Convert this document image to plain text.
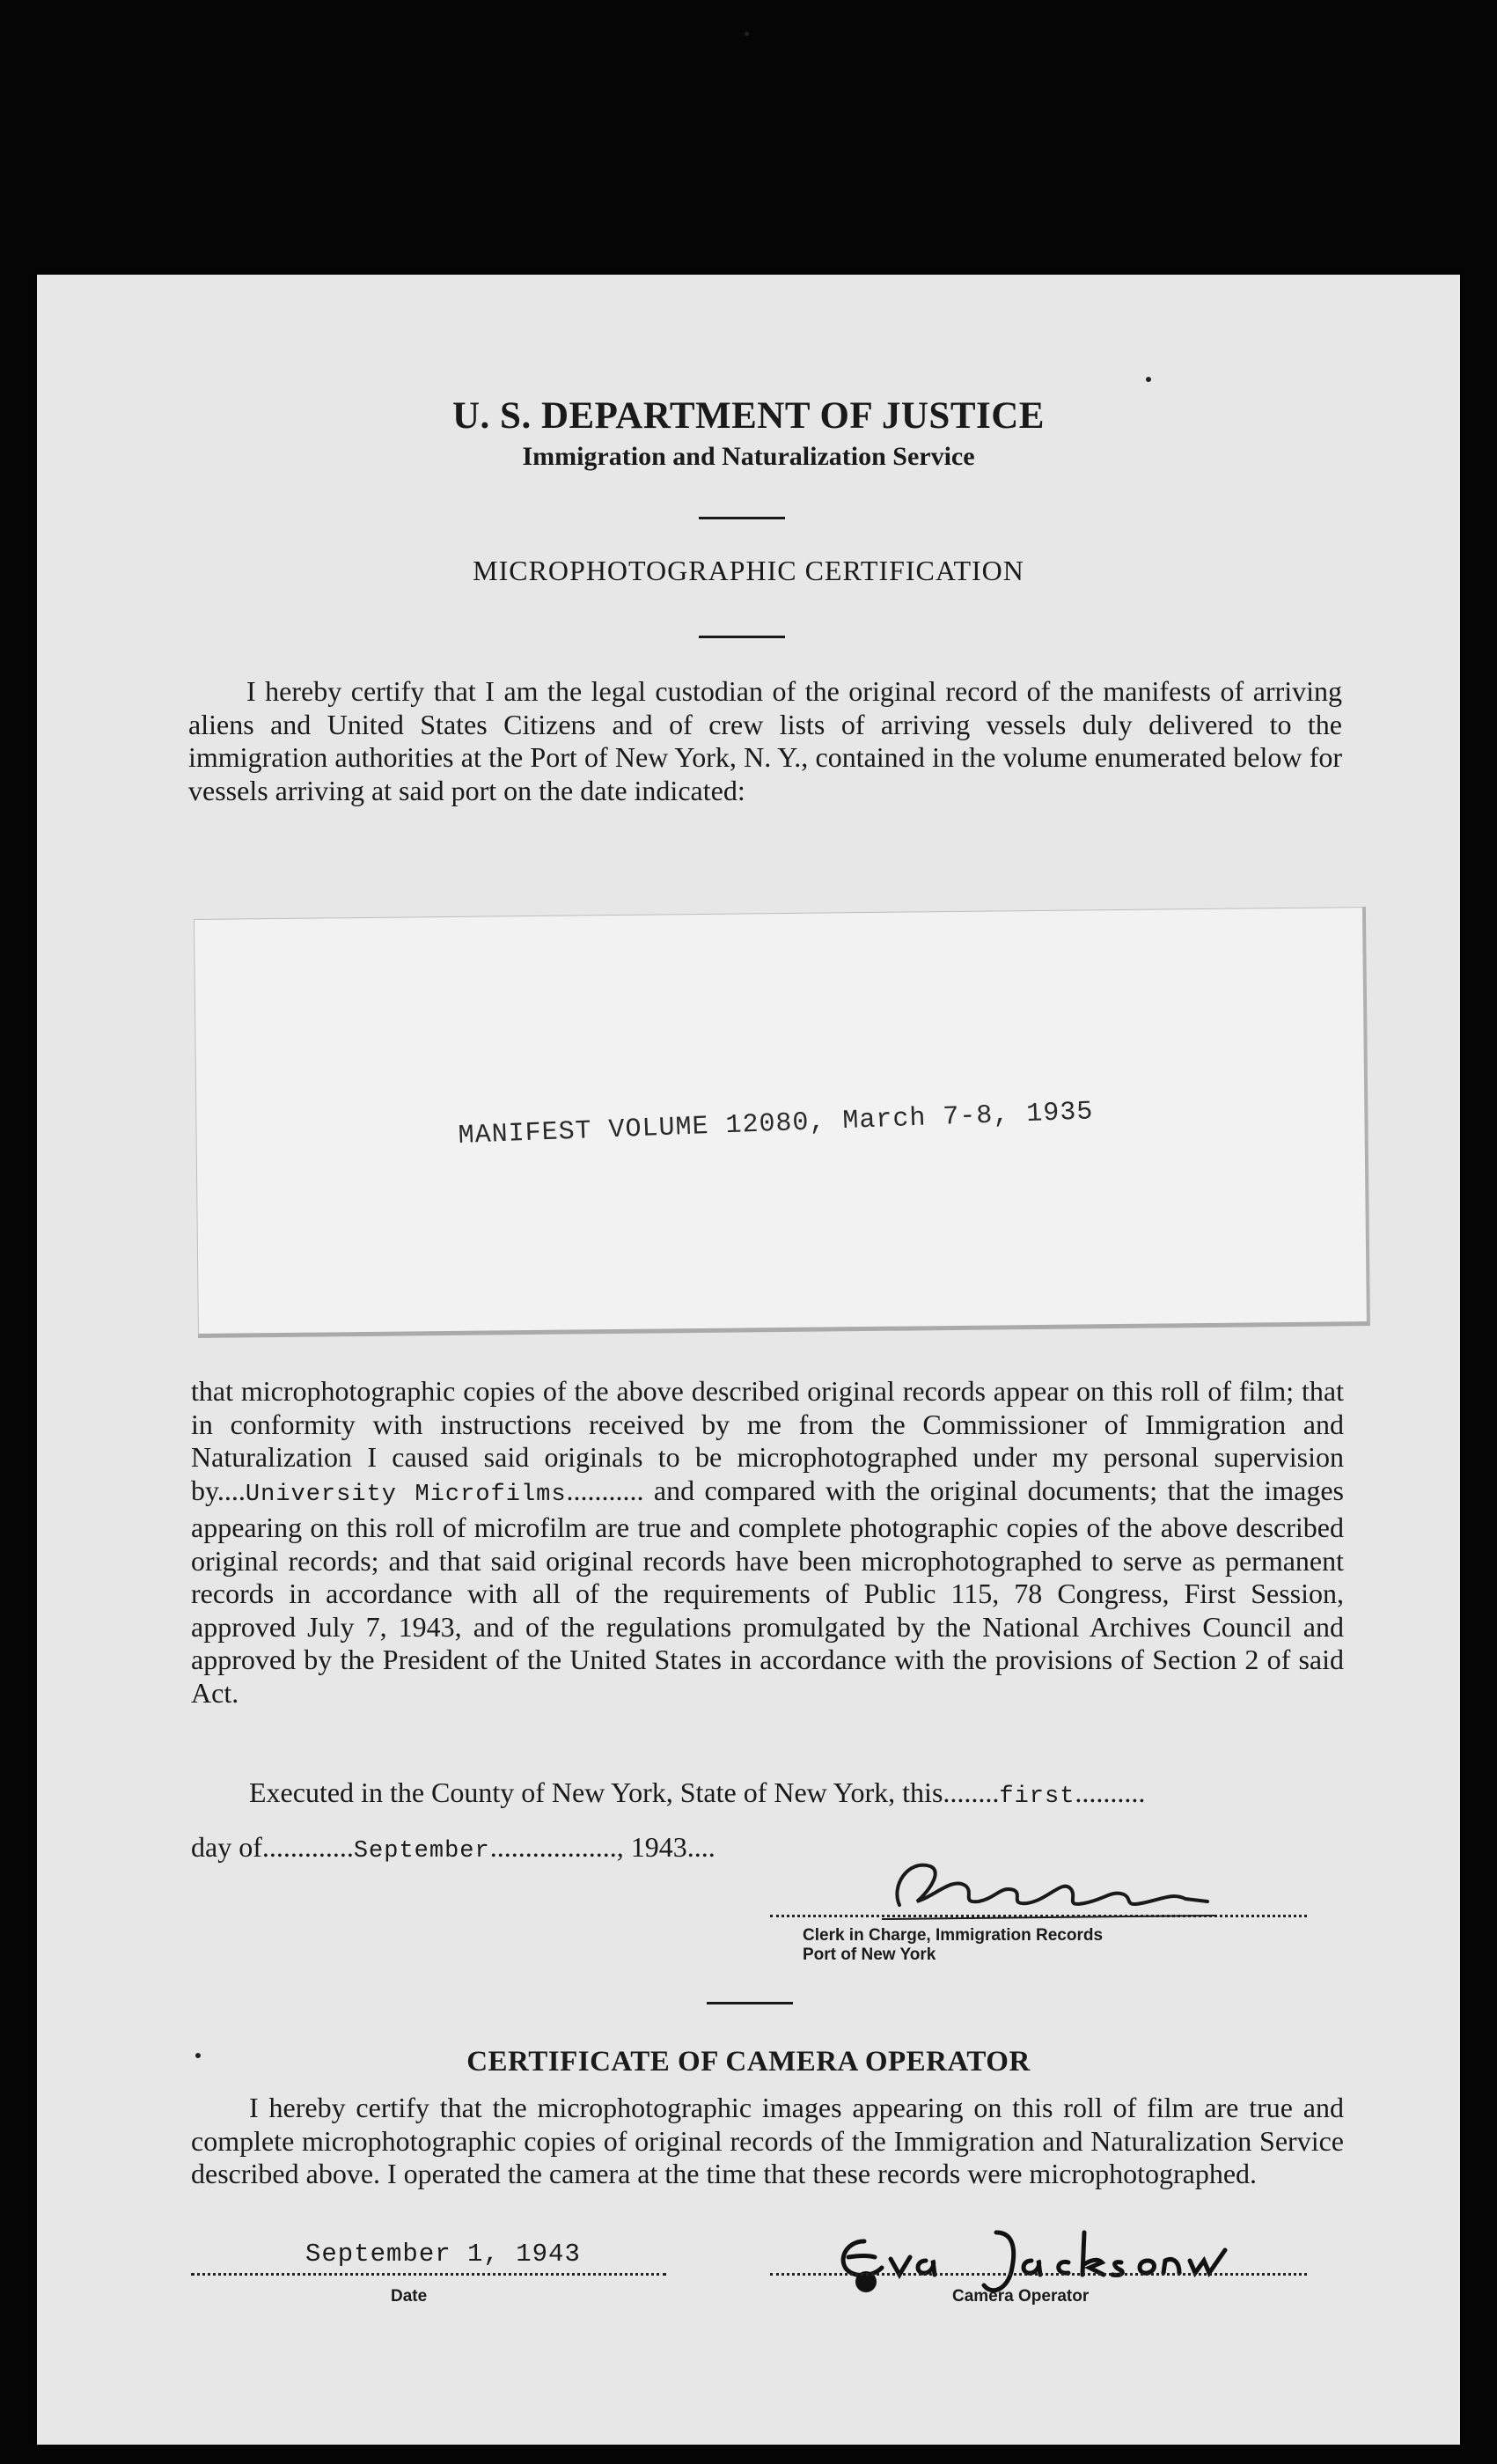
U. S. DEPARTMENT OF JUSTICE
Immigration and Naturalization Service
MICROPHOTOGRAPHIC CERTIFICATION

I hereby certify that I am the legal custodian of the original record of the manifests of arriving aliens and United States Citizens and of crew lists of arriving vessels duly delivered to the immigration authorities at the Port of New York, N. Y., contained in the volume enumerated below for vessels arriving at said port on the date indicated:

MANIFEST VOLUME 12080, March 7-8, 1935

that microphotographic copies of the above described original records appear on this roll of film; that in conformity with instructions received by me from the Commissioner of Immigration and Naturalization I caused said originals to be microphotographed under my personal supervision by....University Microfilms........... and compared with the original documents; that the images appearing on this roll of microfilm are true and complete photographic copies of the above described original records; and that said original records have been microphotographed to serve as permanent records in accordance with all of the requirements of Public 115, 78 Congress, First Session, approved July 7, 1943, and of the regulations promulgated by the National Archives Council and approved by the President of the United States in accordance with the provisions of Section 2 of said Act.

Executed in the County of New York, State of New York, this........first..........
day of.............September.................., 1943....
Clerk in Charge, Immigration Records
Port of New York
CERTIFICATE OF CAMERA OPERATOR

I hereby certify that the microphotographic images appearing on this roll of film are true and complete microphotographic copies of original records of the Immigration and Naturalization Service described above. I operated the camera at the time that these records were microphotographed.

September 1, 1943
Date	Camera Operator
